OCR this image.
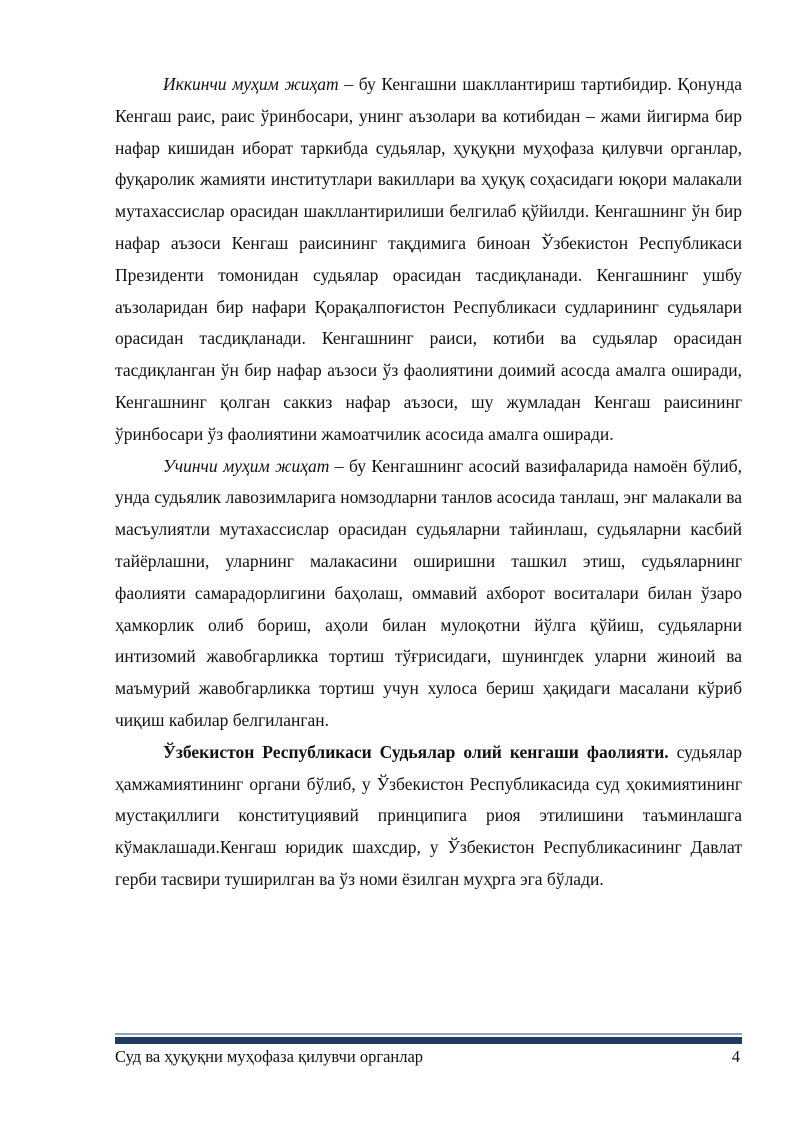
Иккинчи муҳим жиҳат – бу Кенгашни шакллантириш тартибидир. Қонунда Кенгаш раис, раис ўринбосари, унинг аъзолари ва котибидан – жами йигирма бир нафар кишидан иборат таркибда судьялар, ҳуқуқни муҳофаза қилувчи органлар, фуқаролик жамияти институтлари вакиллари ва ҳуқуқ соҳасидаги юқори малакали мутахассислар орасидан шакллантирилиши белгилаб қўйилди. Кенгашнинг ўн бир нафар аъзоси Кенгаш раисининг тақдимига биноан Ўзбекистон Республикаси Президенти томонидан судьялар орасидан тасдиқланади. Кенгашнинг ушбу аъзоларидан бир нафари Қорақалпоғистон Республикаси судларининг судьялари орасидан тасдиқланади. Кенгашнинг раиси, котиби ва судьялар орасидан тасдиқланган ўн бир нафар аъзоси ўз фаолиятини доимий асосда амалга оширади, Кенгашнинг қолган саккиз нафар аъзоси, шу жумладан Кенгаш раисининг ўринбосари ўз фаолиятини жамоатчилик асосида амалга оширади.

Учинчи муҳим жиҳат – бу Кенгашнинг асосий вазифаларида намоён бўлиб, унда судьялик лавозимларига номзодларни танлов асосида танлаш, энг малакали ва масъулиятли мутахассислар орасидан судьяларни тайинлаш, судьяларни касбий тайёрлашни, уларнинг малакасини оширишни ташкил этиш, судьяларнинг фаолияти самарадорлигини баҳолаш, оммавий ахборот воситалари билан ўзаро ҳамкорлик олиб бориш, аҳоли билан мулоқотни йўлга қўйиш, судьяларни интизомий жавобгарликка тортиш тўғрисидаги, шунингдек уларни жиноий ва маъмурий жавобгарликка тортиш учун хулоса бериш ҳақидаги масалани кўриб чиқиш кабилар белгиланган.

Ўзбекистон Республикаси Судьялар олий кенгаши фаолияти. судьялар ҳамжамиятининг органи бўлиб, у Ўзбекистон Республикасида суд ҳокимиятининг мустақиллиги конституциявий принципига риоя этилишини таъминлашга кўмаклашади.Кенгаш юридик шахсдир, у Ўзбекистон Республикасининг Давлат герби тасвири туширилган ва ўз номи ёзилган муҳрга эга бўлади.

Суд ва ҳуқуқни муҳофаза қилувчи органлар	4
